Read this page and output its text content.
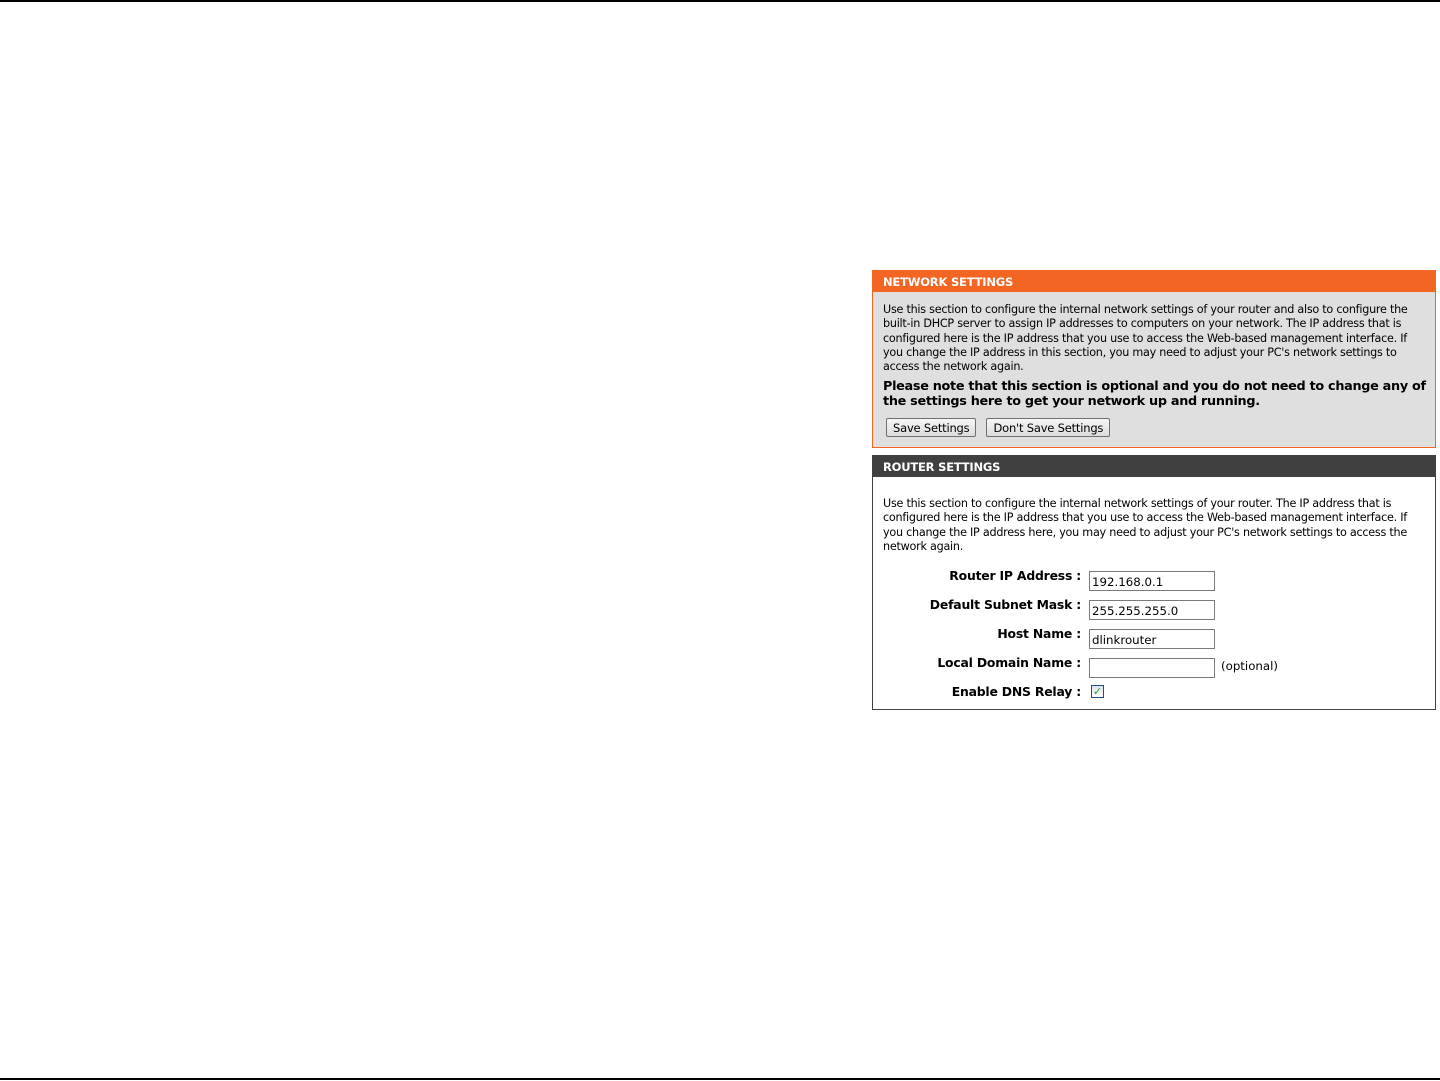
NETWORK SETTINGS
Use this section to configure the internal network settings of your router and also to configure the built-in DHCP server to assign IP addresses to computers on your network. The IP address that is configured here is the IP address that you use to access the Web-based management interface. If you change the IP address in this section, you may need to adjust your PC's network settings to access the network again.
Please note that this section is optional and you do not need to change any of the settings here to get your network up and running.
Save Settings	Don't Save Settings
ROUTER SETTINGS
Use this section to configure the internal network settings of your router. The IP address that is configured here is the IP address that you use to access the Web-based management interface. If you change the IP address here, you may need to adjust your PC's network settings to access the network again.
Router IP Address :
192.168.0.1
Default Subnet Mask :
255.255.255.0
Host Name :
dlinkrouter
Local Domain Name :	(optional)
Enable DNS Relay : ✓
